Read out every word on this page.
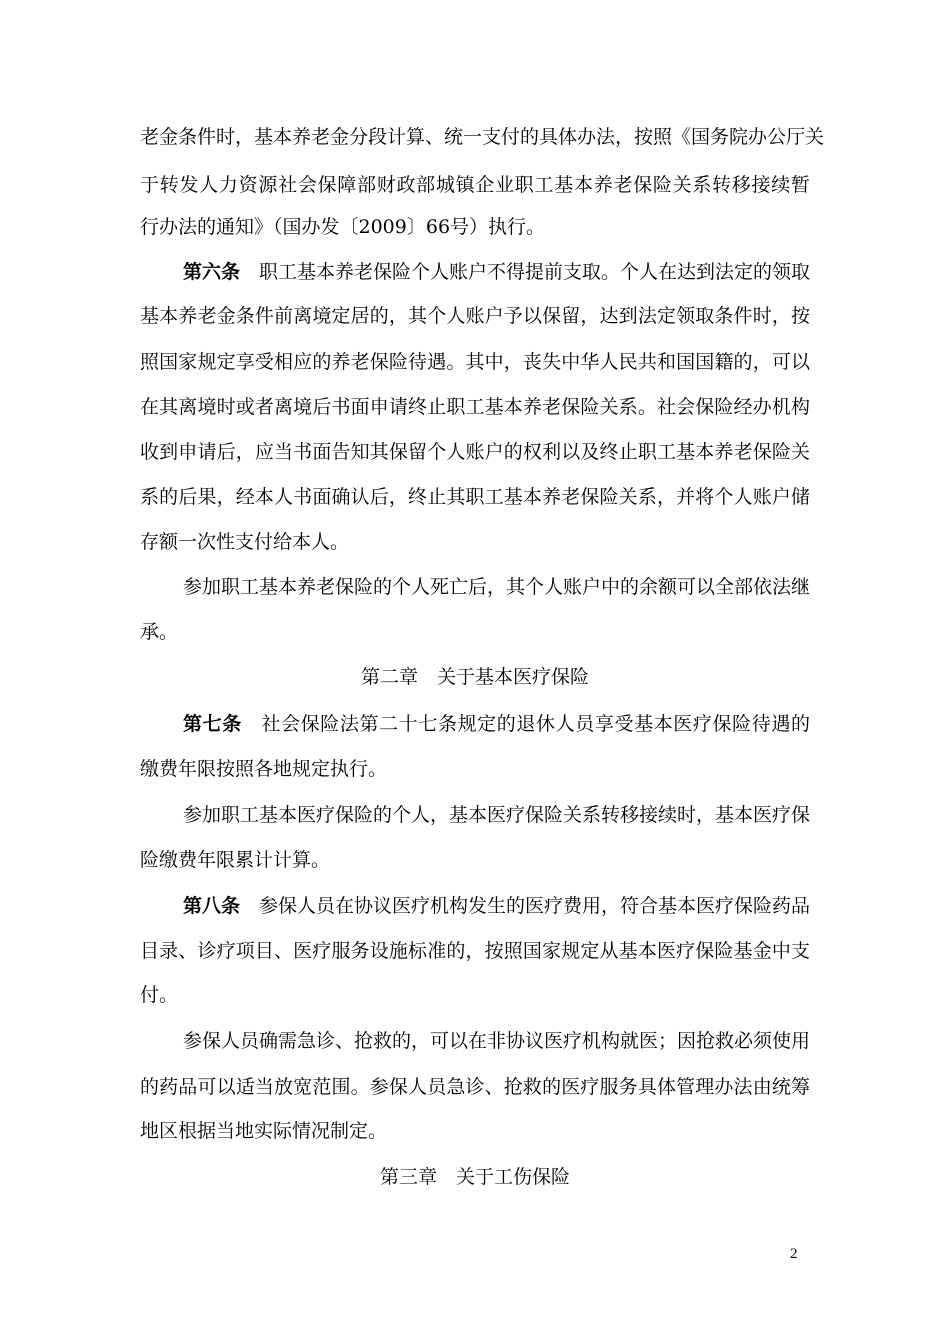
老金条件时，基本养老金分段计算、统一支付的具体办法，按照《国务院办公厅关
于转发人力资源社会保障部财政部城镇企业职工基本养老保险关系转移接续暂
行办法的通知》（国办发〔2009〕66号）执行。
第六条　职工基本养老保险个人账户不得提前支取。个人在达到法定的领取
基本养老金条件前离境定居的，其个人账户予以保留，达到法定领取条件时，按
照国家规定享受相应的养老保险待遇。其中，丧失中华人民共和国国籍的，可以
在其离境时或者离境后书面申请终止职工基本养老保险关系。社会保险经办机构
收到申请后，应当书面告知其保留个人账户的权利以及终止职工基本养老保险关
系的后果，经本人书面确认后，终止其职工基本养老保险关系，并将个人账户储
存额一次性支付给本人。
参加职工基本养老保险的个人死亡后，其个人账户中的余额可以全部依法继
承。
第二章　关于基本医疗保险
第七条　社会保险法第二十七条规定的退休人员享受基本医疗保险待遇的
缴费年限按照各地规定执行。
参加职工基本医疗保险的个人，基本医疗保险关系转移接续时，基本医疗保
险缴费年限累计计算。
第八条　参保人员在协议医疗机构发生的医疗费用，符合基本医疗保险药品
目录、诊疗项目、医疗服务设施标准的，按照国家规定从基本医疗保险基金中支
付。
参保人员确需急诊、抢救的，可以在非协议医疗机构就医；因抢救必须使用
的药品可以适当放宽范围。参保人员急诊、抢救的医疗服务具体管理办法由统筹
地区根据当地实际情况制定。
第三章　关于工伤保险
2
